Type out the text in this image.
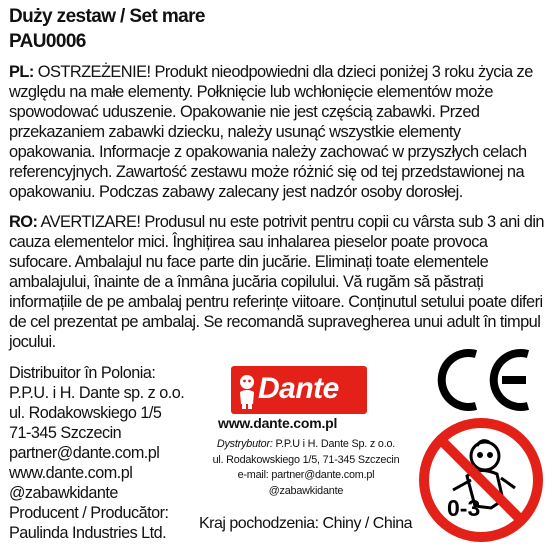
Duży zestaw / Set mare
PAU0006

PL: OSTRZEŻENIE! Produkt nieodpowiedni dla dzieci poniżej 3 roku życia ze względu na małe elementy. Połknięcie lub wchłonięcie elementów może spowodować uduszenie. Opakowanie nie jest częścią zabawki. Przed przekazaniem zabawki dziecku, należy usunąć wszystkie elementy opakowania. Informacje z opakowania należy zachować w przyszłych celach referencyjnych. Zawartość zestawu może różnić się od tej przedstawionej na opakowaniu. Podczas zabawy zalecany jest nadzór osoby dorosłej.

RO: AVERTIZARE! Produsul nu este potrivit pentru copii cu vârsta sub 3 ani din cauza elementelor mici. Înghițirea sau inhalarea pieselor poate provoca sufocare. Ambalajul nu face parte din jucărie. Eliminați toate elementele ambalajului, înainte de a înmâna jucăria copilului. Vă rugăm să păstrați informațiile de pe ambalaj pentru referințe viitoare. Conținutul setului poate diferi de cel prezentat pe ambalaj. Se recomandă supravegherea unui adult în timpul jocului.

Distribuitor în Polonia:
P.P.U. i H. Dante sp. z o.o.
ul. Rodakowskiego 1/5
71-345 Szczecin
partner@dante.com.pl
www.dante.com.pl
@zabawkidante
Producent / Producător:
Paulinda Industries Ltd.
Dante
www.dante.com.pl
Dystrybutor: P.P.U i H. Dante Sp. z o.o.
ul. Rodakowskiego 1/5, 71-345 Szczecin
e-mail: partner@dante.com.pl
@zabawkidante
Kraj pochodzenia: Chiny / China
0-3
